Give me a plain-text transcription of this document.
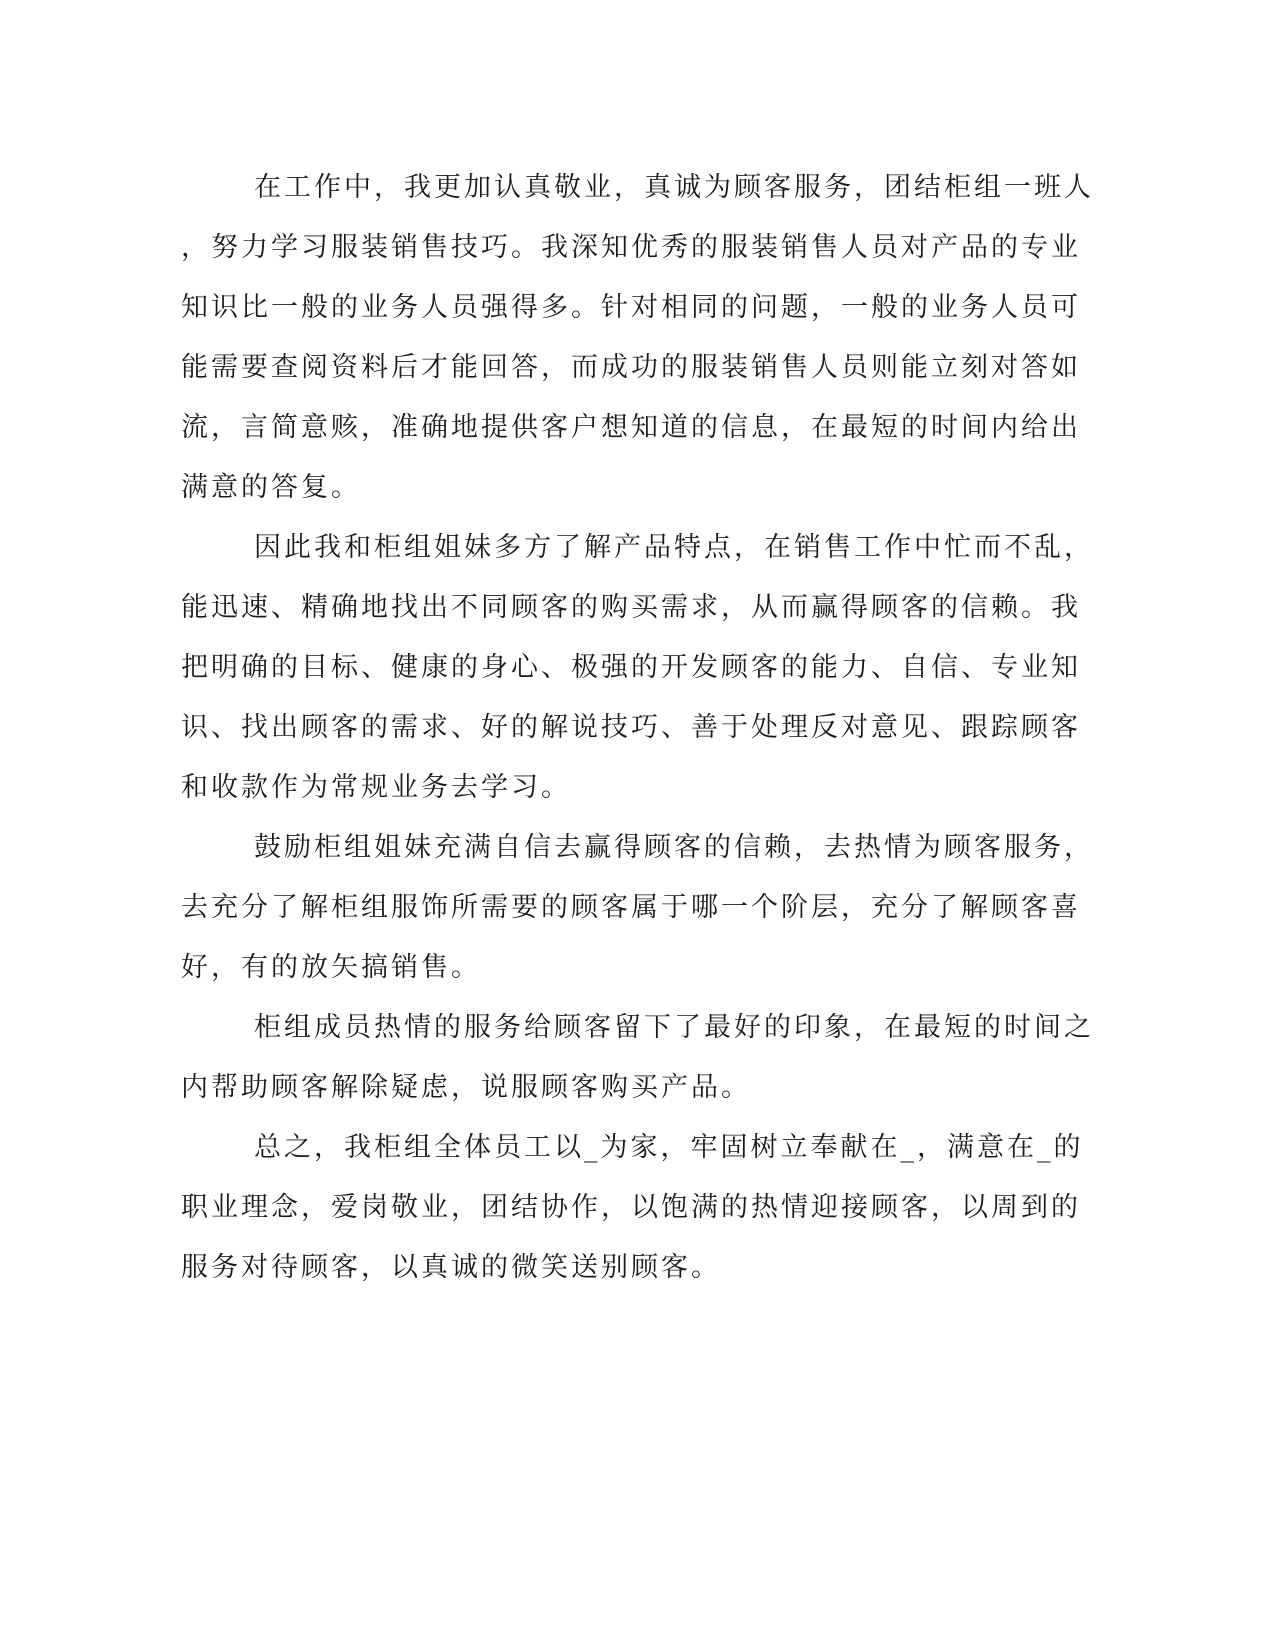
在工作中，我更加认真敬业，真诚为顾客服务，团结柜组一班人
，努力学习服装销售技巧。我深知优秀的服装销售人员对产品的专业
知识比一般的业务人员强得多。针对相同的问题，一般的业务人员可
能需要查阅资料后才能回答，而成功的服装销售人员则能立刻对答如
流，言简意赅，准确地提供客户想知道的信息，在最短的时间内给出
满意的答复。
因此我和柜组姐妹多方了解产品特点，在销售工作中忙而不乱，
能迅速、精确地找出不同顾客的购买需求，从而赢得顾客的信赖。我
把明确的目标、健康的身心、极强的开发顾客的能力、自信、专业知
识、找出顾客的需求、好的解说技巧、善于处理反对意见、跟踪顾客
和收款作为常规业务去学习。
鼓励柜组姐妹充满自信去赢得顾客的信赖，去热情为顾客服务，
去充分了解柜组服饰所需要的顾客属于哪一个阶层，充分了解顾客喜
好，有的放矢搞销售。
柜组成员热情的服务给顾客留下了最好的印象，在最短的时间之
内帮助顾客解除疑虑，说服顾客购买产品。
总之，我柜组全体员工以_为家，牢固树立奉献在_，满意在_的
职业理念，爱岗敬业，团结协作，以饱满的热情迎接顾客，以周到的
服务对待顾客，以真诚的微笑送别顾客。
